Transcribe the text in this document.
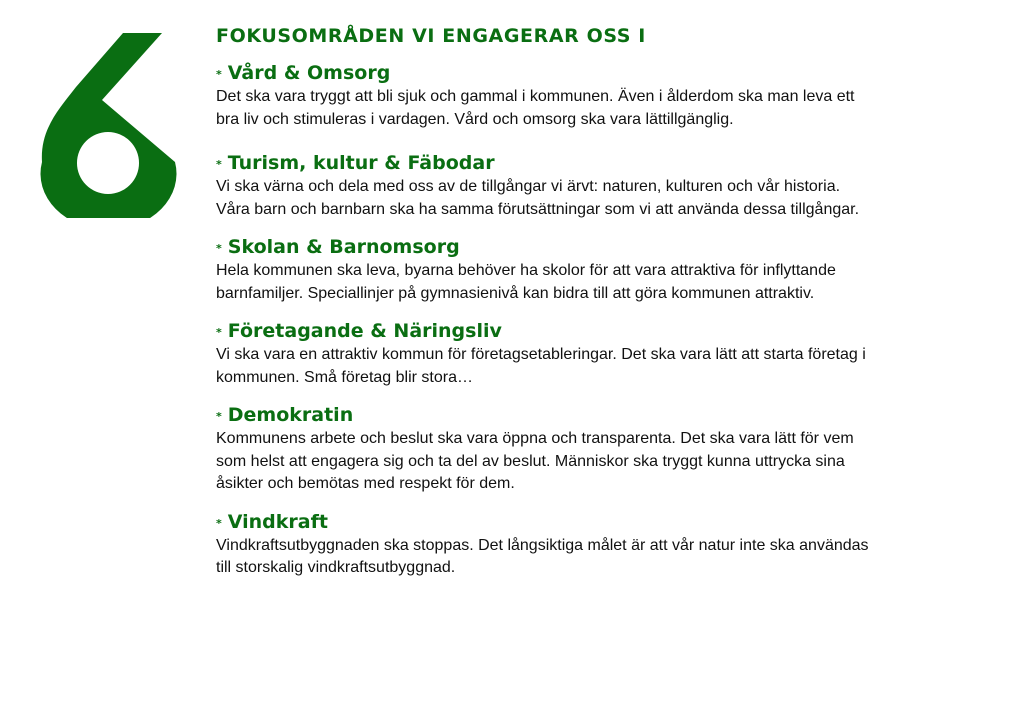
FOKUSOMRÅDEN VI ENGAGERAR OSS I
* Vård & Omsorg

Det ska vara tryggt att bli sjuk och gammal i kommunen. Även i ålderdom ska man leva ett
bra liv och stimuleras i vardagen. Vård och omsorg ska vara lättillgänglig.

* Turism, kultur & Fäbodar

Vi ska värna och dela med oss av de tillgångar vi ärvt: naturen, kulturen och vår historia.
Våra barn och barnbarn ska ha samma förutsättningar som vi att använda dessa tillgångar.

* Skolan & Barnomsorg

Hela kommunen ska leva, byarna behöver ha skolor för att vara attraktiva för inflyttande
barnfamiljer. Speciallinjer på gymnasienivå kan bidra till att göra kommunen attraktiv.

* Företagande & Näringsliv

Vi ska vara en attraktiv kommun för företagsetableringar. Det ska vara lätt att starta företag i
kommunen. Små företag blir stora…

* Demokratin

Kommunens arbete och beslut ska vara öppna och transparenta. Det ska vara lätt för vem
som helst att engagera sig och ta del av beslut. Människor ska tryggt kunna uttrycka sina
åsikter och bemötas med respekt för dem.

* Vindkraft

Vindkraftsutbyggnaden ska stoppas. Det långsiktiga målet är att vår natur inte ska användas
till storskalig vindkraftsutbyggnad.
